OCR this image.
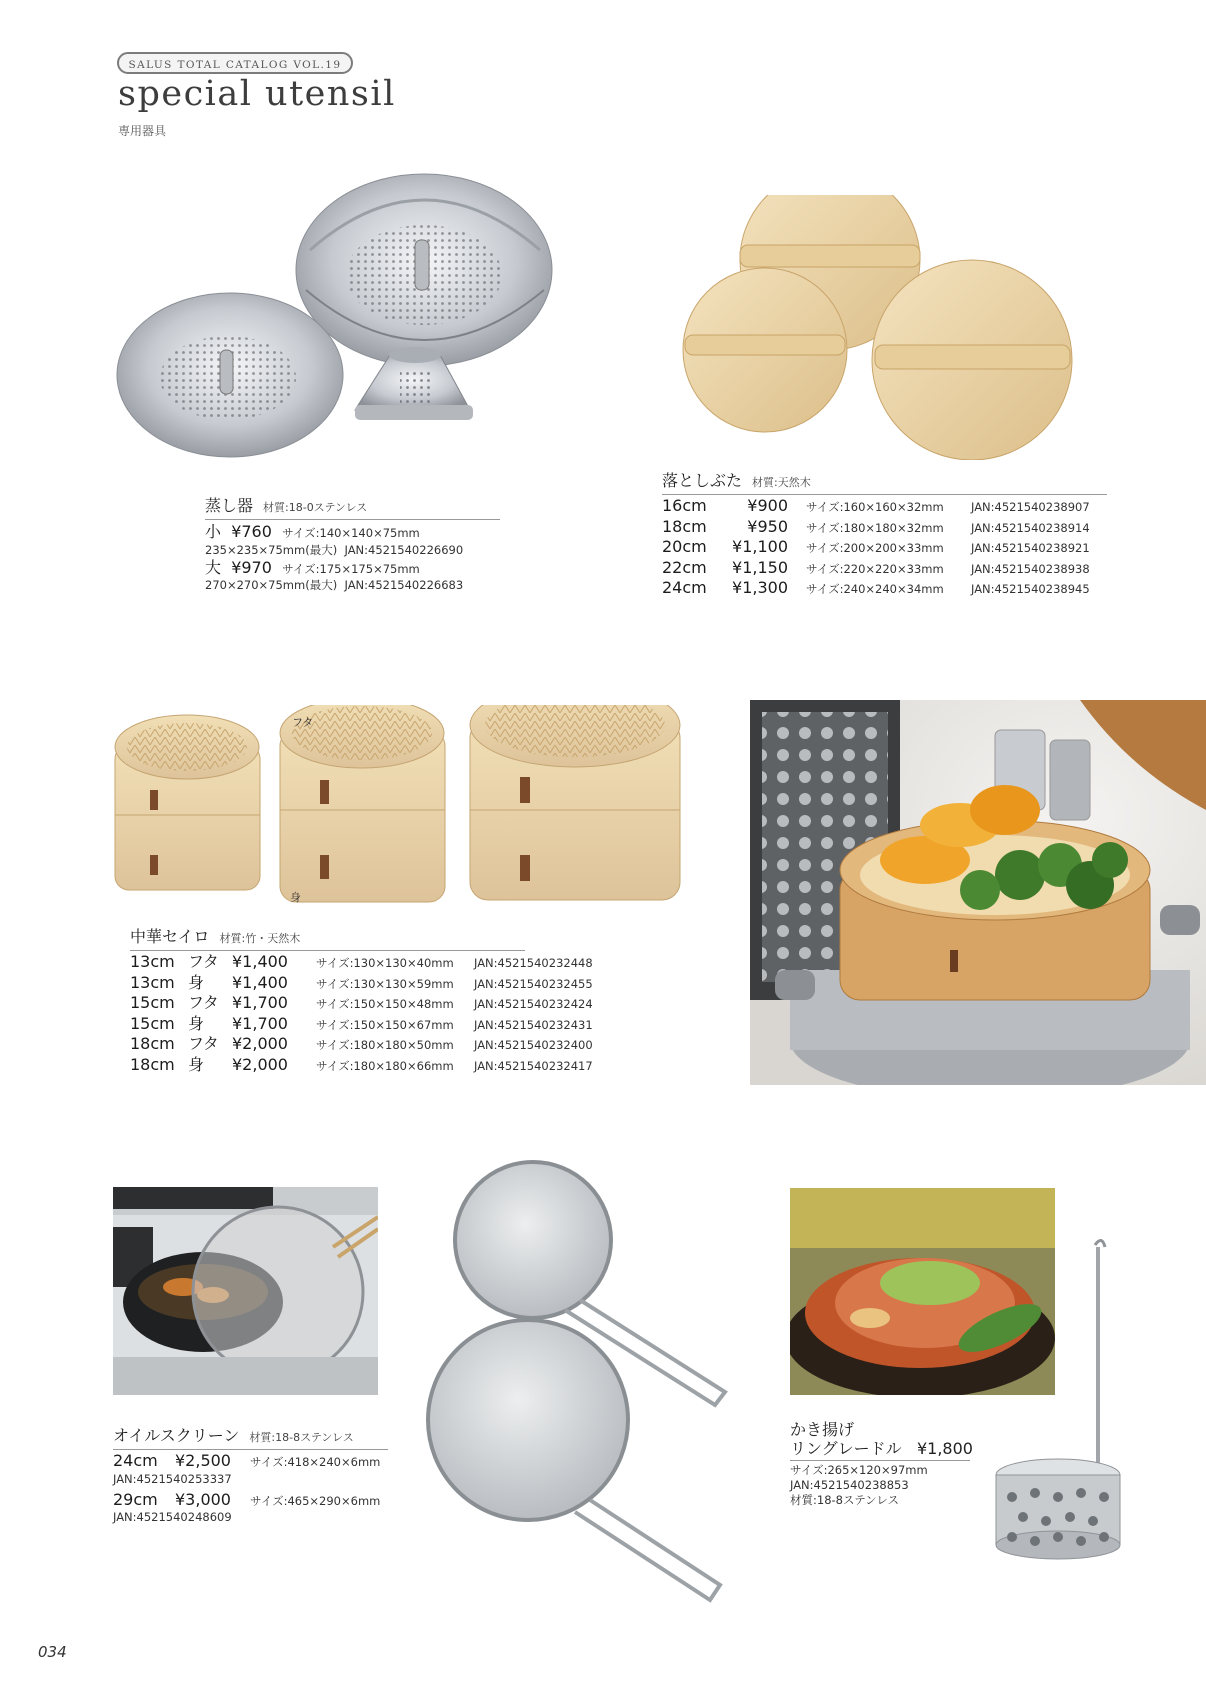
SALUS TOTAL CATALOG VOL.19
special utensil
専用器具
蒸し器 材質:18-0ステンレス
小 ¥760 サイズ:140×140×75mm
235×235×75mm(最大) JAN:4521540226690
大 ¥970 サイズ:175×175×75mm
270×270×75mm(最大) JAN:4521540226683
落としぶた 材質:天然木
16cm	¥900 サイズ:160×160×32mm JAN:4521540238907
18cm	¥950 サイズ:180×180×32mm JAN:4521540238914
20cm ¥1,100 サイズ:200×200×33mm JAN:4521540238921
22cm ¥1,150 サイズ:220×220×33mm JAN:4521540238938
24cm ¥1,300 サイズ:240×240×34mm JAN:4521540238945
フタ
身
中華セイロ 材質:竹・天然木
13cm フタ ¥1,400 サイズ:130×130×40mm JAN:4521540232448
13cm 身 ¥1,400 サイズ:130×130×59mm JAN:4521540232455
15cm フタ ¥1,700 サイズ:150×150×48mm JAN:4521540232424
15cm 身 ¥1,700 サイズ:150×150×67mm JAN:4521540232431
18cm フタ ¥2,000 サイズ:180×180×50mm JAN:4521540232400
18cm 身 ¥2,000 サイズ:180×180×66mm JAN:4521540232417
オイルスクリーン 材質:18-8ステンレス
24cm ¥2,500 サイズ:418×240×6mm
JAN:4521540253337
29cm ¥3,000 サイズ:465×290×6mm
JAN:4521540248609
かき揚げ
リングレードル ¥1,800
サイズ:265×120×97mm
JAN:4521540238853
材質:18-8ステンレス
034
